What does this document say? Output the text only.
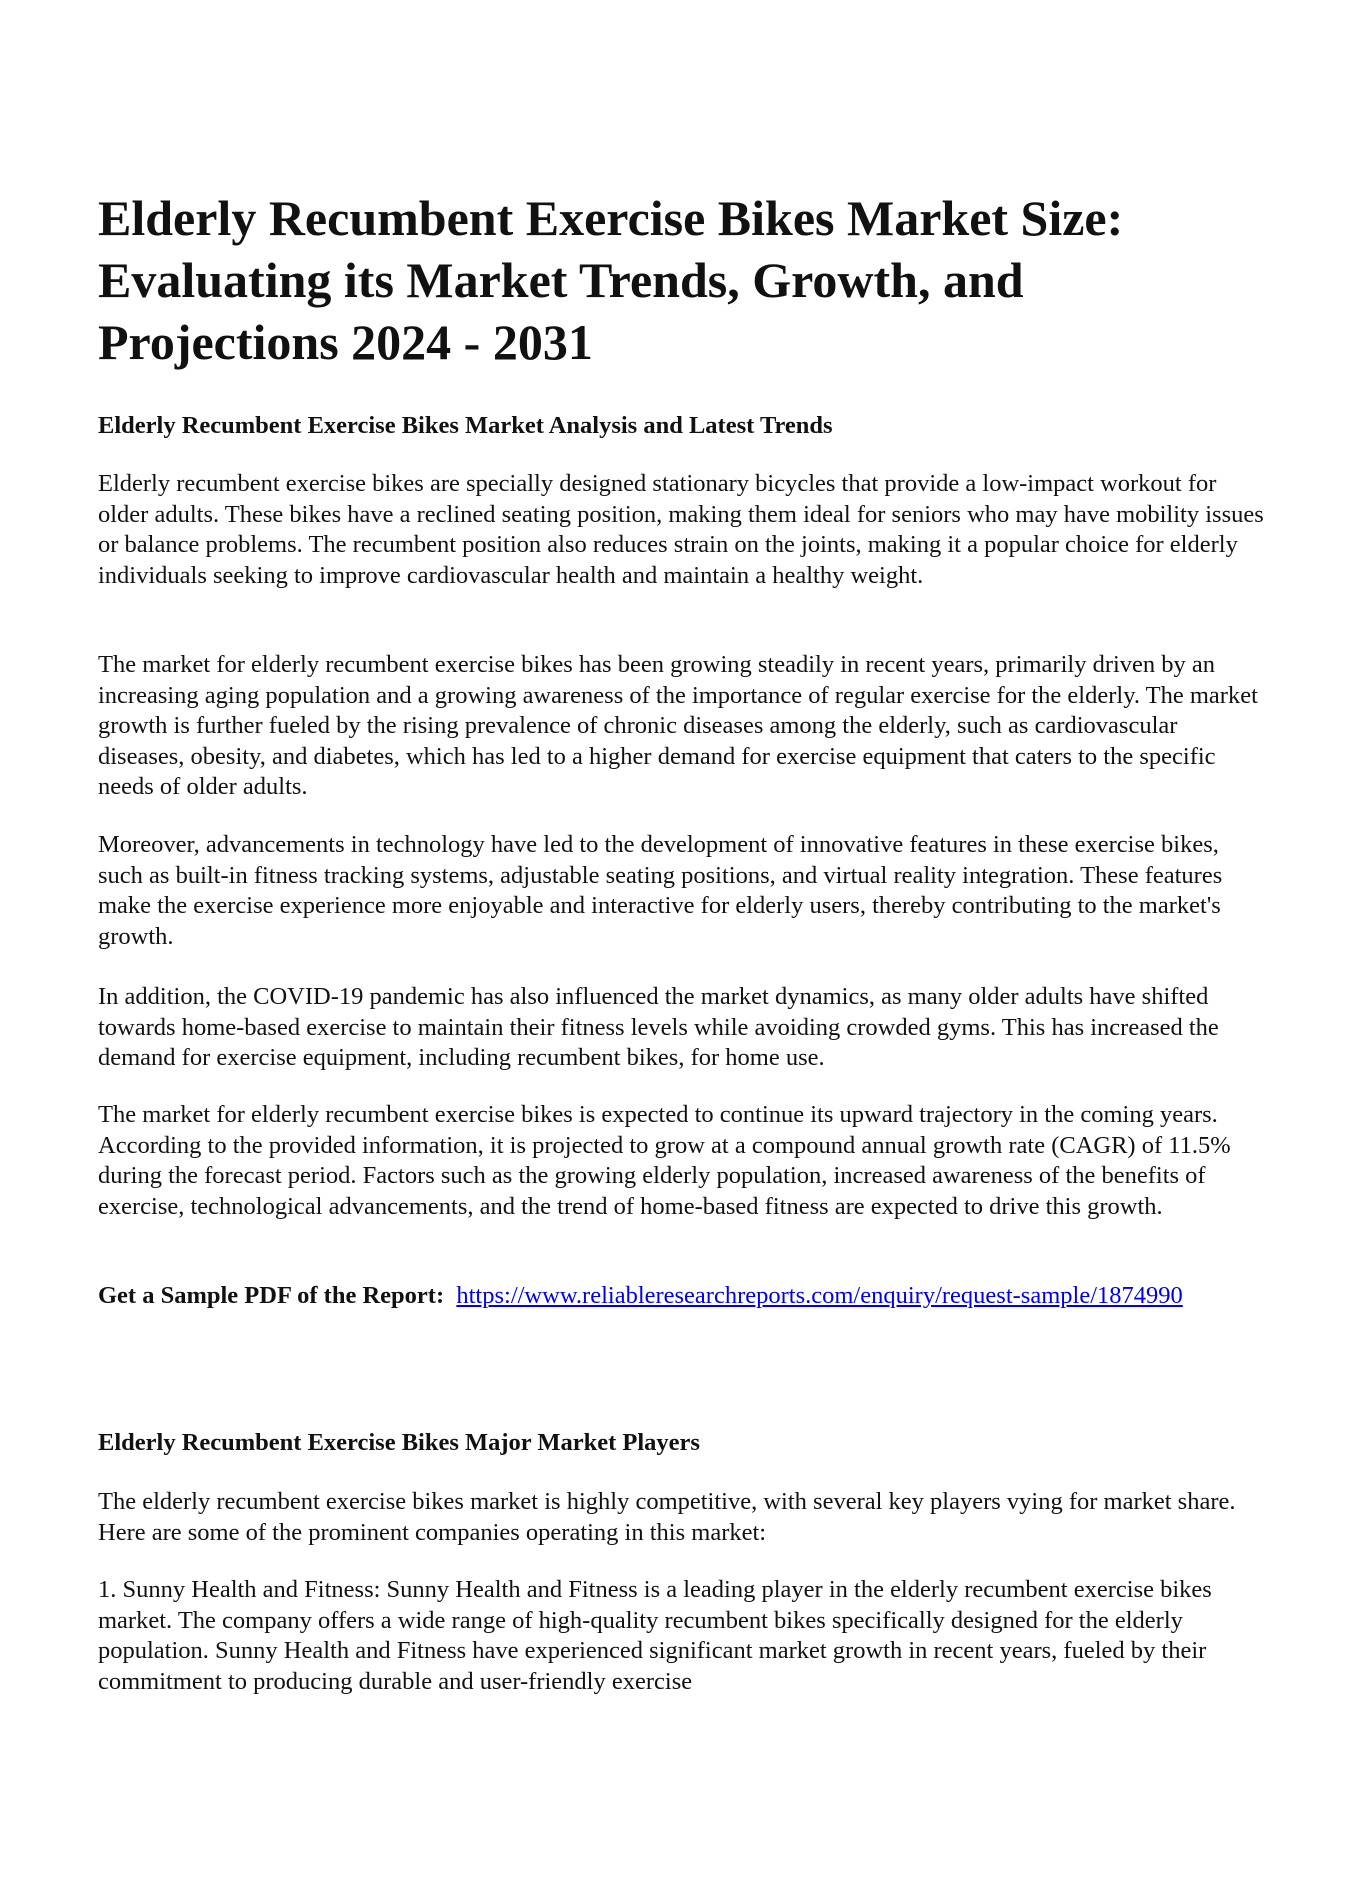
Elderly Recumbent Exercise Bikes Market Size: Evaluating its Market Trends, Growth, and Projections 2024 - 2031
Elderly Recumbent Exercise Bikes Market Analysis and Latest Trends

Elderly recumbent exercise bikes are specially designed stationary bicycles that provide a low-impact workout for older adults. These bikes have a reclined seating position, making them ideal for seniors who may have mobility issues or balance problems. The recumbent position also reduces strain on the joints, making it a popular choice for elderly individuals seeking to improve cardiovascular health and maintain a healthy weight.

The market for elderly recumbent exercise bikes has been growing steadily in recent years, primarily driven by an increasing aging population and a growing awareness of the importance of regular exercise for the elderly. The market growth is further fueled by the rising prevalence of chronic diseases among the elderly, such as cardiovascular diseases, obesity, and diabetes, which has led to a higher demand for exercise equipment that caters to the specific needs of older adults.

Moreover, advancements in technology have led to the development of innovative features in these exercise bikes, such as built-in fitness tracking systems, adjustable seating positions, and virtual reality integration. These features make the exercise experience more enjoyable and interactive for elderly users, thereby contributing to the market's growth.

In addition, the COVID-19 pandemic has also influenced the market dynamics, as many older adults have shifted towards home-based exercise to maintain their fitness levels while avoiding crowded gyms. This has increased the demand for exercise equipment, including recumbent bikes, for home use.

The market for elderly recumbent exercise bikes is expected to continue its upward trajectory in the coming years. According to the provided information, it is projected to grow at a compound annual growth rate (CAGR) of 11.5% during the forecast period. Factors such as the growing elderly population, increased awareness of the benefits of exercise, technological advancements, and the trend of home-based fitness are expected to drive this growth.

Get a Sample PDF of the Report: https://www.reliableresearchreports.com/enquiry/request-sample/1874990

Elderly Recumbent Exercise Bikes Major Market Players

The elderly recumbent exercise bikes market is highly competitive, with several key players vying for market share. Here are some of the prominent companies operating in this market:

1. Sunny Health and Fitness: Sunny Health and Fitness is a leading player in the elderly recumbent exercise bikes market. The company offers a wide range of high-quality recumbent bikes specifically designed for the elderly population. Sunny Health and Fitness have experienced significant market growth in recent years, fueled by their commitment to producing durable and user-friendly exercise
